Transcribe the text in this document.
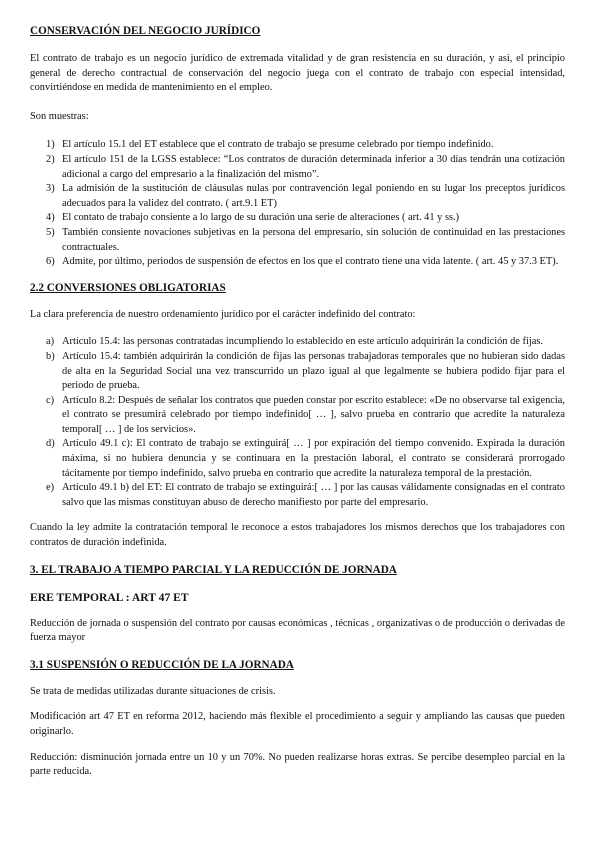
CONSERVACIÓN DEL NEGOCIO JURÍDICO

El contrato de trabajo es un negocio jurídico de extremada vitalidad y de gran resistencia en su duración, y así, el principio general de derecho contractual de conservación del negocio juega con el contrato de trabajo con especial intensidad, convirtiéndose en medida de mantenimiento en el empleo.

Son muestras:

1) El artículo 15.1 del ET establece que el contrato de trabajo se presume celebrado por tiempo indefinido.
2) El artículo 151 de la LGSS establece: “Los contratos de duración determinada inferior a 30 días tendrán una cotización adicional a cargo del empresario a la finalización del mismo”.
3) La admisión de la sustitución de cláusulas nulas por contravención legal poniendo en su lugar los preceptos jurídicos adecuados para la validez del contrato. ( art.9.1 ET)
4) El contato de trabajo consiente a lo largo de su duración una serie de alteraciones ( art. 41 y ss.)
5) También consiente novaciones subjetivas en la persona del empresario, sin solución de continuidad en las prestaciones contractuales.
6) Admite, por último, periodos de suspensión de efectos en los que el contrato tiene una vida latente. ( art. 45 y 37.3 ET).
2.2 CONVERSIONES OBLIGATORIAS

La clara preferencia de nuestro ordenamiento jurídico por el carácter indefinido del contrato:

a) Artículo 15.4: las personas contratadas incumpliendo lo establecido en este artículo adquirirán la condición de fijas.
b) Artículo 15.4: también adquirirán la condición de fijas las personas trabajadoras temporales que no hubieran sido dadas de alta en la Seguridad Social una vez transcurrido un plazo igual al que legalmente se hubiera podido fijar para el periodo de prueba.
c) Artículo 8.2: Después de señalar los contratos que pueden constar por escrito establece: «De no observarse tal exigencia, el contrato se presumirá celebrado por tiempo indefinido[ … ], salvo prueba en contrario que acredite la naturaleza temporal[ … ] de los servicios».
d) Artículo 49.1 c): El contrato de trabajo se extinguirá[ … ] por expiración del tiempo convenido. Expirada la duración máxima, si no hubiera denuncia y se continuara en la prestación laboral, el contrato se considerará prorrogado tácitamente por tiempo indefinido, salvo prueba en contrario que acredite la naturaleza temporal de la prestación.
e) Artículo 49.1 b) del ET: El contrato de trabajo se extinguirá:[ … ] por las causas válidamente consignadas en el contrato salvo que las mismas constituyan abuso de derecho manifiesto por parte del empresario.

Cuando la ley admite la contratación temporal le reconoce a estos trabajadores los mismos derechos que los trabajadores con contratos de duración indefinida.

3. EL TRABAJO A TIEMPO PARCIAL Y LA REDUCCIÓN DE JORNADA
ERE TEMPORAL : ART 47 ET

Reducción de jornada o suspensión del contrato por causas económicas , técnicas , organizativas o de producción o derivadas de fuerza mayor

3.1 SUSPENSIÓN O REDUCCIÓN DE LA JORNADA

Se trata de medidas utilizadas durante situaciones de crisis.

Modificación art 47 ET en reforma 2012, haciendo más flexible el procedimiento a seguir y ampliando las causas que pueden originarlo.

Reducción: disminución jornada entre un 10 y un 70%. No pueden realizarse horas extras. Se percibe desempleo parcial en la parte reducida.
